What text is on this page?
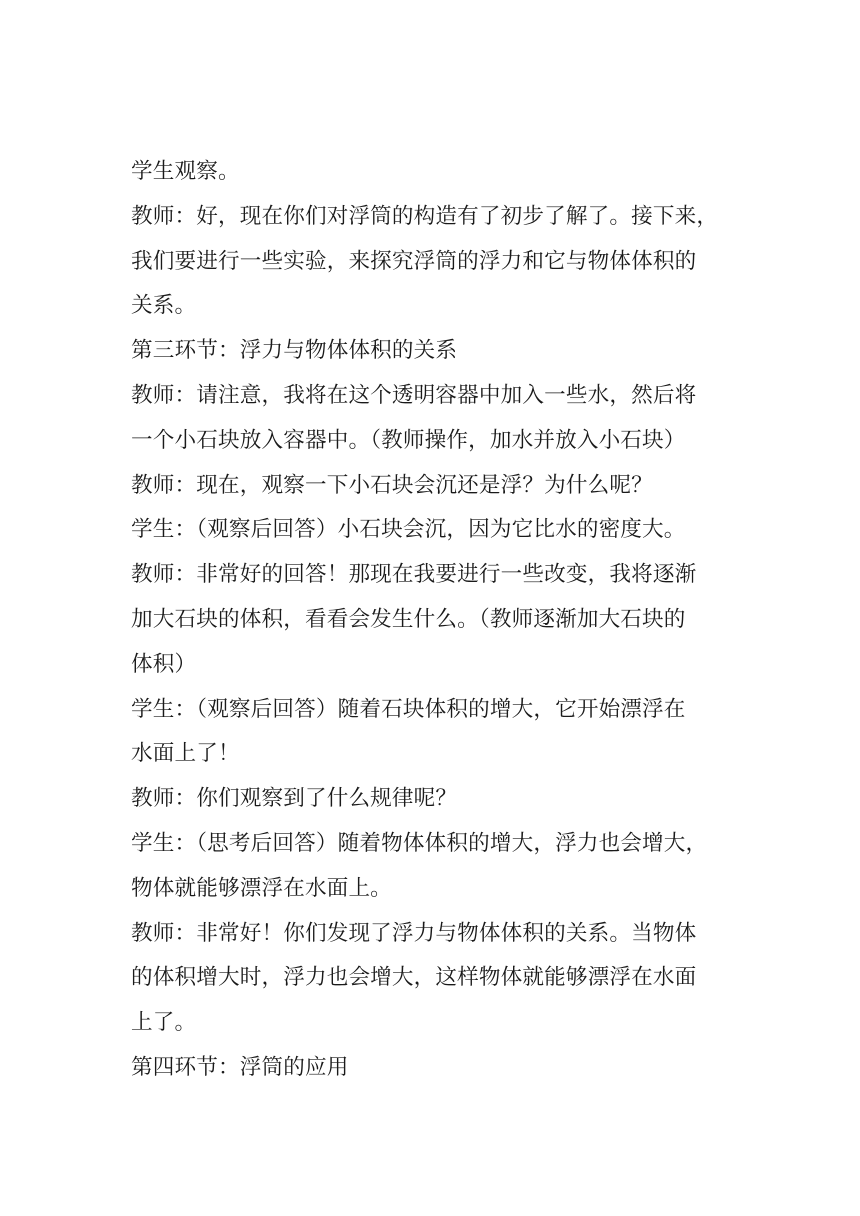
学生观察。
教师：好，现在你们对浮筒的构造有了初步了解了。接下来，
我们要进行一些实验，来探究浮筒的浮力和它与物体体积的
关系。
第三环节：浮力与物体体积的关系
教师：请注意，我将在这个透明容器中加入一些水，然后将
一个小石块放入容器中。（教师操作，加水并放入小石块）
教师：现在，观察一下小石块会沉还是浮？为什么呢？
学生：（观察后回答）小石块会沉，因为它比水的密度大。
教师：非常好的回答！那现在我要进行一些改变，我将逐渐
加大石块的体积，看看会发生什么。（教师逐渐加大石块的
体积）
学生：（观察后回答）随着石块体积的增大，它开始漂浮在
水面上了！
教师：你们观察到了什么规律呢？
学生：（思考后回答）随着物体体积的增大，浮力也会增大，
物体就能够漂浮在水面上。
教师：非常好！你们发现了浮力与物体体积的关系。当物体
的体积增大时，浮力也会增大，这样物体就能够漂浮在水面
上了。
第四环节：浮筒的应用
